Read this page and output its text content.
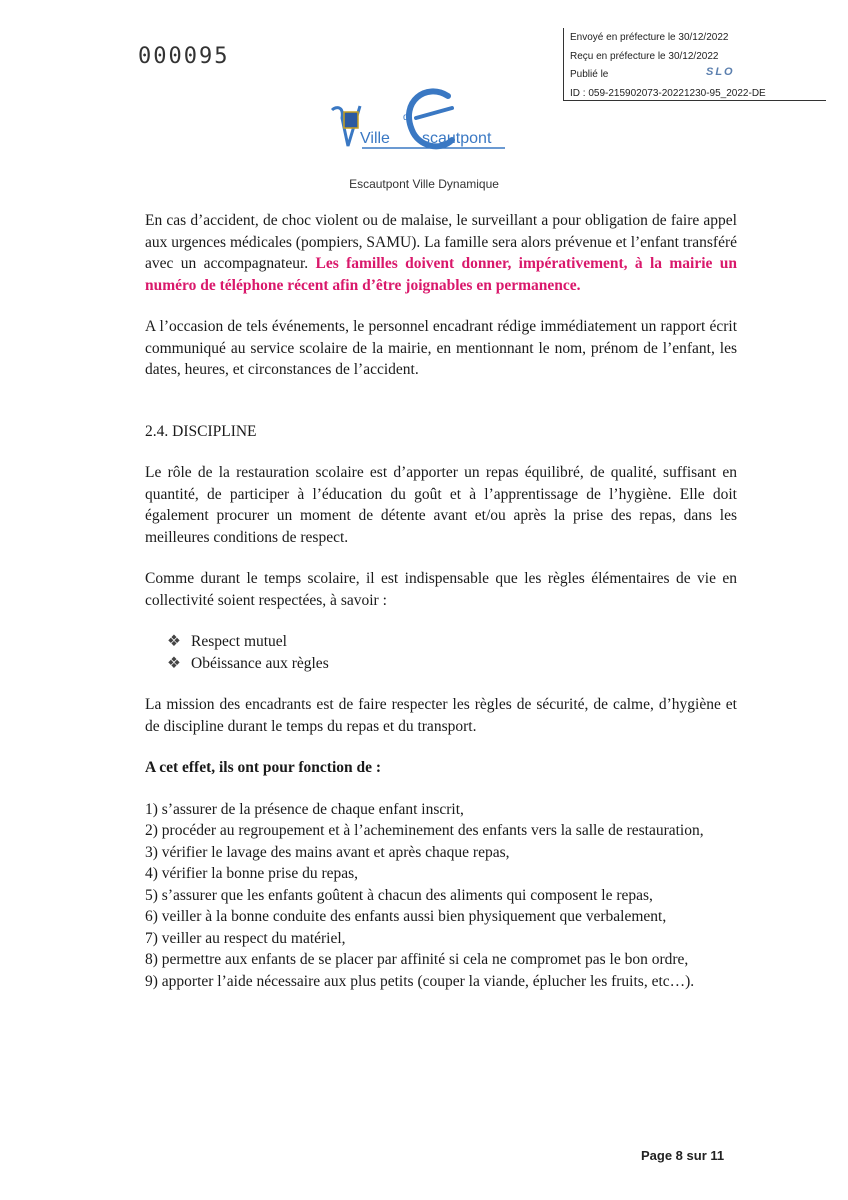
000095
Envoyé en préfecture le 30/12/2022
Reçu en préfecture le 30/12/2022
Publié le	SLO
ID : 059-215902073-20221230-95_2022-DE
Ville
d'
scautpont
Escautpont Ville Dynamique

En cas d’accident, de choc violent ou de malaise, le surveillant a pour obligation de faire appel aux urgences médicales (pompiers, SAMU). La famille sera alors prévenue et l’enfant transféré avec un accompagnateur. Les familles doivent donner, impérativement, à la mairie un numéro de téléphone récent afin d’être joignables en permanence.

A l’occasion de tels événements, le personnel encadrant rédige immédiatement un rapport écrit communiqué au service scolaire de la mairie, en mentionnant le nom, prénom de l’enfant, les dates, heures, et circonstances de l’accident.

2.4. DISCIPLINE

Le rôle de la restauration scolaire est d’apporter un repas équilibré, de qualité, suffisant en quantité, de participer à l’éducation du goût et à l’apprentissage de l’hygiène. Elle doit également procurer un moment de détente avant et/ou après la prise des repas, dans les meilleures conditions de respect.

Comme durant le temps scolaire, il est indispensable que les règles élémentaires de vie en collectivité soient respectées, à savoir :

❖ Respect mutuel
❖ Obéissance aux règles

La mission des encadrants est de faire respecter les règles de sécurité, de calme, d’hygiène et de discipline durant le temps du repas et du transport.

A cet effet, ils ont pour fonction de :

1) s’assurer de la présence de chaque enfant inscrit,

2) procéder au regroupement et à l’acheminement des enfants vers la salle de restauration,

3) vérifier le lavage des mains avant et après chaque repas,

4) vérifier la bonne prise du repas,

5) s’assurer que les enfants goûtent à chacun des aliments qui composent le repas,

6) veiller à la bonne conduite des enfants aussi bien physiquement que verbalement,

7) veiller au respect du matériel,

8) permettre aux enfants de se placer par affinité si cela ne compromet pas le bon ordre,

9) apporter l’aide nécessaire aux plus petits (couper la viande, éplucher les fruits, etc…).

Page 8 sur 11
